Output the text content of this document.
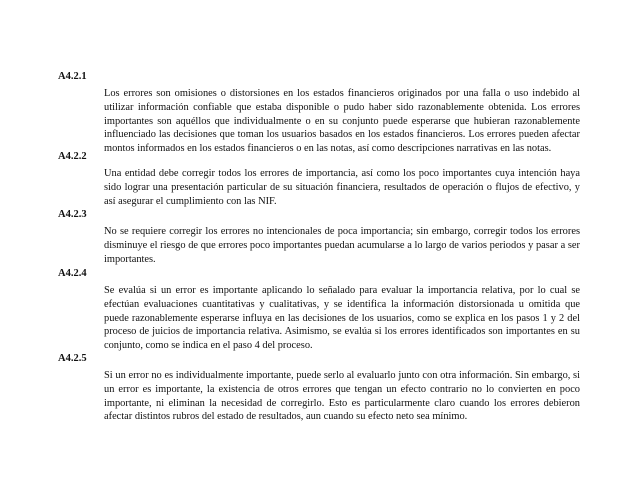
A4.2.1

Los errores son omisiones o distorsiones en los estados financieros originados por una falla o uso indebido al utilizar información confiable que estaba disponible o pudo haber sido razonablemente obtenida. Los errores importantes son aquéllos que individualmente o en su conjunto puede esperarse que hubieran razonablemente influenciado las decisiones que toman los usuarios basados en los estados financieros. Los errores pueden afectar montos informados en los estados financieros o en las notas, así como descripciones narrativas en las notas.

A4.2.2

Una entidad debe corregir todos los errores de importancia, así como los poco importantes cuya intención haya sido lograr una presentación particular de su situación financiera, resultados de operación o flujos de efectivo, y así asegurar el cumplimiento con las NIF.

A4.2.3

No se requiere corregir los errores no intencionales de poca importancia; sin embargo, corregir todos los errores disminuye el riesgo de que errores poco importantes puedan acumularse a lo largo de varios periodos y pasar a ser importantes.

A4.2.4

Se evalúa si un error es importante aplicando lo señalado para evaluar la importancia relativa, por lo cual se efectúan evaluaciones cuantitativas y cualitativas, y se identifica la información distorsionada u omitida que puede razonablemente esperarse influya en las decisiones de los usuarios, como se explica en los pasos 1 y 2 del proceso de juicios de importancia relativa. Asimismo, se evalúa si los errores identificados son importantes en su conjunto, como se indica en el paso 4 del proceso.

A4.2.5

Si un error no es individualmente importante, puede serlo al evaluarlo junto con otra información. Sin embargo, si un error es importante, la existencia de otros errores que tengan un efecto contrario no lo convierten en poco importante, ni eliminan la necesidad de corregirlo. Esto es particularmente claro cuando los errores debieron afectar distintos rubros del estado de resultados, aun cuando su efecto neto sea mínimo.
